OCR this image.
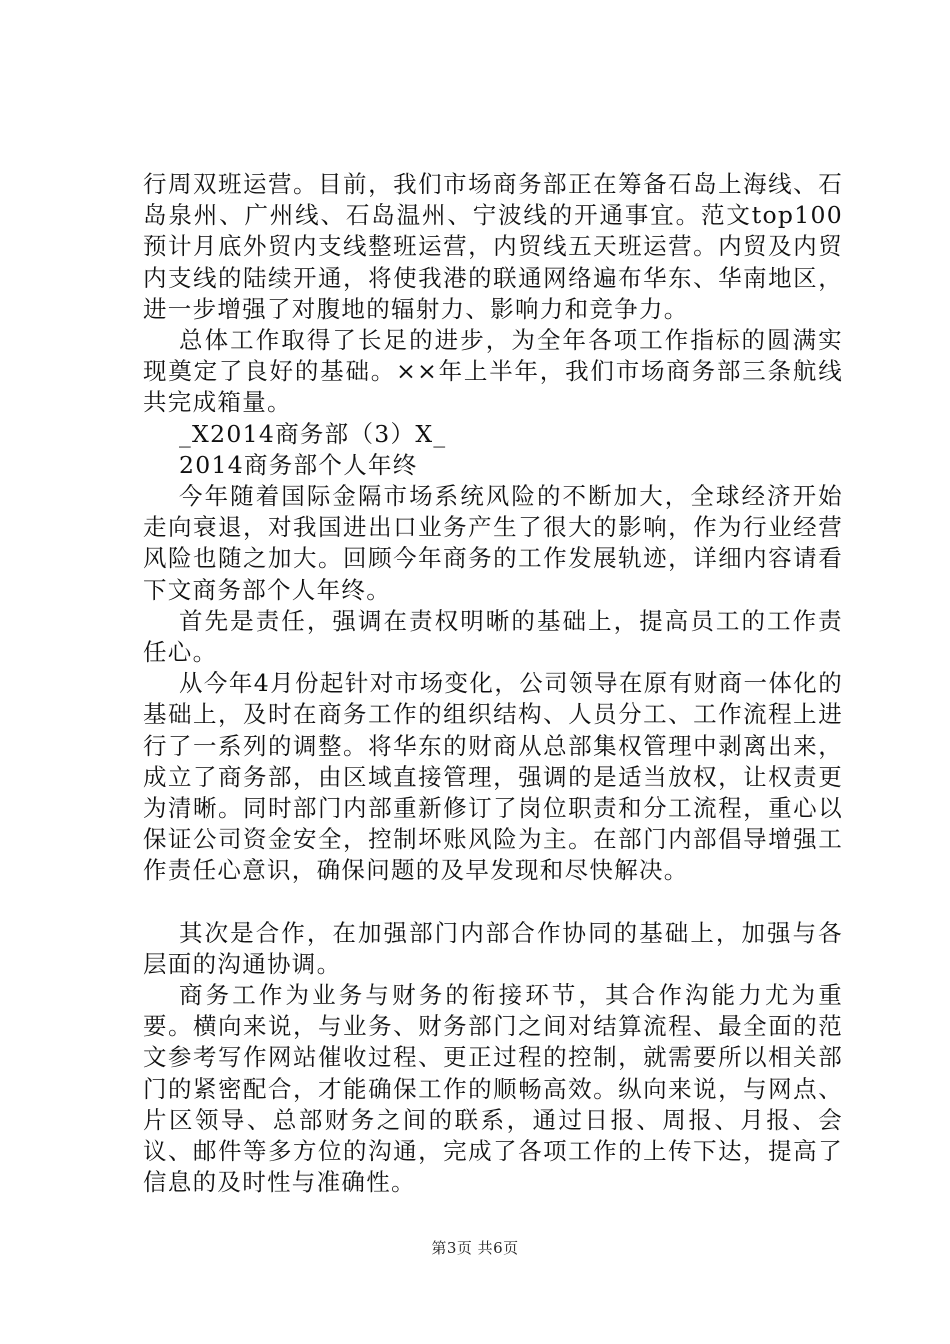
行周双班运营。目前，我们市场商务部正在筹备石岛上海线、石岛泉州、广州线、石岛温州、宁波线的开通事宜。范文top100预计月底外贸内支线整班运营，内贸线五天班运营。内贸及内贸内支线的陆续开通，将使我港的联通网络遍布华东、华南地区，进一步增强了对腹地的辐射力、影响力和竞争力。

总体工作取得了长足的进步，为全年各项工作指标的圆满实现奠定了良好的基础。××年上半年，我们市场商务部三条航线共完成箱量。

_X2014商务部（3）X_

2014商务部个人年终

今年随着国际金隔市场系统风险的不断加大，全球经济开始走向衰退，对我国进出口业务产生了很大的影响，作为行业经营风险也随之加大。回顾今年商务的工作发展轨迹，详细内容请看下文商务部个人年终。

首先是责任，强调在责权明晰的基础上，提高员工的工作责任心。

从今年4月份起针对市场变化，公司领导在原有财商一体化的基础上，及时在商务工作的组织结构、人员分工、工作流程上进行了一系列的调整。将华东的财商从总部集权管理中剥离出来，成立了商务部，由区域直接管理，强调的是适当放权，让权责更为清晰。同时部门内部重新修订了岗位职责和分工流程，重心以保证公司资金安全，控制坏账风险为主。在部门内部倡导增强工作责任心意识，确保问题的及早发现和尽快解决。

其次是合作，在加强部门内部合作协同的基础上，加强与各层面的沟通协调。

商务工作为业务与财务的衔接环节，其合作沟能力尤为重要。横向来说，与业务、财务部门之间对结算流程、最全面的范文参考写作网站催收过程、更正过程的控制，就需要所以相关部门的紧密配合，才能确保工作的顺畅高效。纵向来说，与网点、片区领导、总部财务之间的联系，通过日报、周报、月报、会议、邮件等多方位的沟通，完成了各项工作的上传下达，提高了信息的及时性与准确性。

第3页 共6页
